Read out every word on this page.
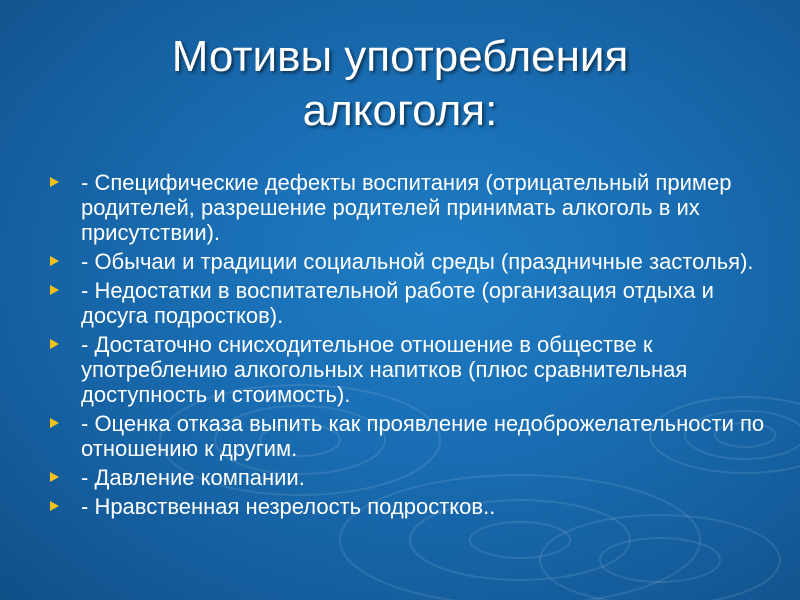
Мотивы употребления
алкоголя:
- Специфические дефекты воспитания (отрицательный пример родителей, разрешение родителей принимать алкоголь в их присутствии).
- Обычаи и традиции социальной среды (праздничные застолья).
- Недостатки в воспитательной работе (организация отдыха и досуга подростков).
- Достаточно снисходительное отношение в обществе к употреблению алкогольных напитков (плюс сравнительная доступность и стоимость).
- Оценка отказа выпить как проявление недоброжелательности по отношению к другим.
- Давление компании.
- Нравственная незрелость подростков..
